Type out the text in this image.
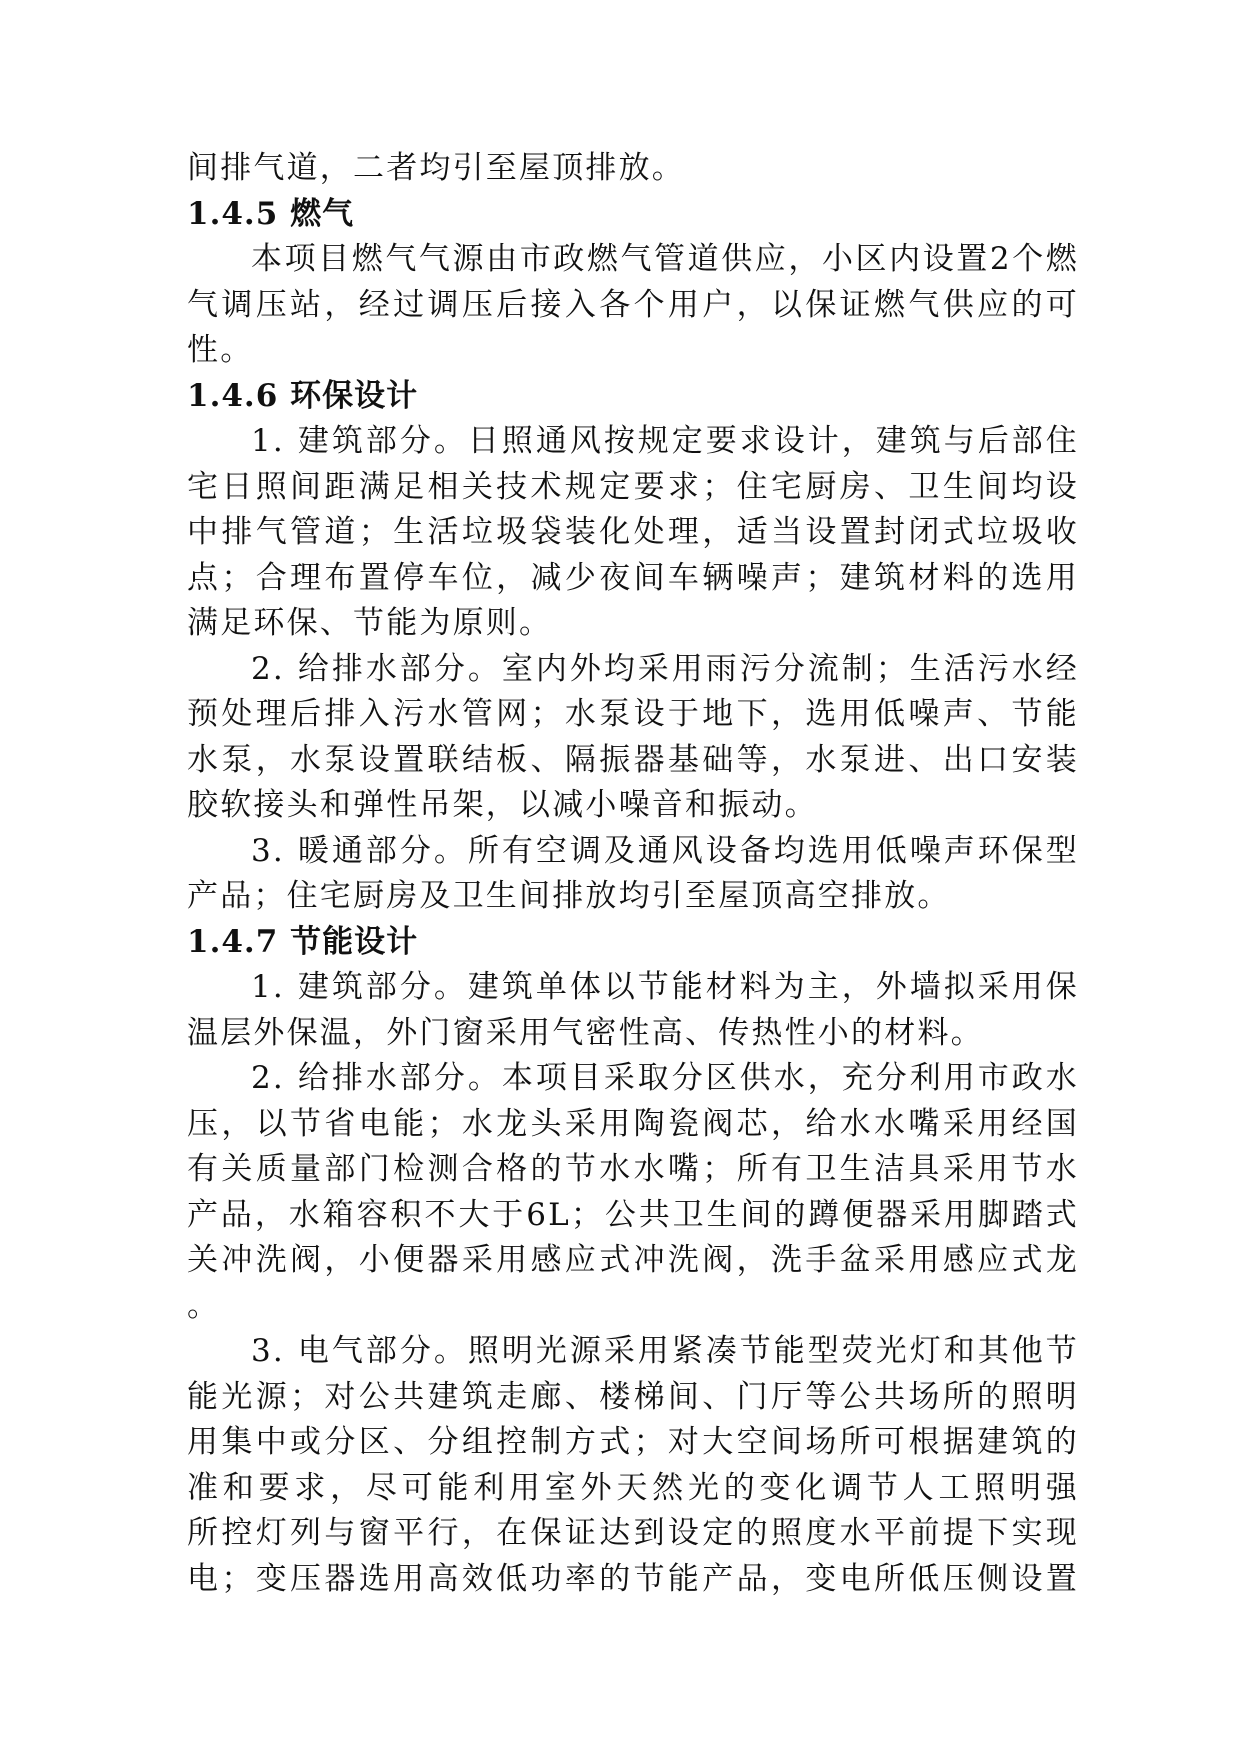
间排气道，二者均引至屋顶排放。
1.4.5 燃气
本项目燃气气源由市政燃气管道供应，小区内设置2个燃
气调压站，经过调压后接入各个用户，以保证燃气供应的可
性。
1.4.6 环保设计
1. 建筑部分。日照通风按规定要求设计，建筑与后部住
宅日照间距满足相关技术规定要求；住宅厨房、卫生间均设
中排气管道；生活垃圾袋装化处理，适当设置封闭式垃圾收
点；合理布置停车位，减少夜间车辆噪声；建筑材料的选用
满足环保、节能为原则。
2. 给排水部分。室内外均采用雨污分流制；生活污水经
预处理后排入污水管网；水泵设于地下，选用低噪声、节能
水泵，水泵设置联结板、隔振器基础等，水泵进、出口安装
胶软接头和弹性吊架，以减小噪音和振动。
3. 暖通部分。所有空调及通风设备均选用低噪声环保型
产品；住宅厨房及卫生间排放均引至屋顶高空排放。
1.4.7 节能设计
1. 建筑部分。建筑单体以节能材料为主，外墙拟采用保
温层外保温，外门窗采用气密性高、传热性小的材料。
2. 给排水部分。本项目采取分区供水，充分利用市政水
压，以节省电能；水龙头采用陶瓷阀芯，给水水嘴采用经国
有关质量部门检测合格的节水水嘴；所有卫生洁具采用节水
产品，水箱容积不大于6L；公共卫生间的蹲便器采用脚踏式
关冲洗阀，小便器采用感应式冲洗阀，洗手盆采用感应式龙
。
3. 电气部分。照明光源采用紧凑节能型荧光灯和其他节
能光源；对公共建筑走廊、楼梯间、门厅等公共场所的照明
用集中或分区、分组控制方式；对大空间场所可根据建筑的
准和要求，尽可能利用室外天然光的变化调节人工照明强
所控灯列与窗平行，在保证达到设定的照度水平前提下实现
电；变压器选用高效低功率的节能产品，变电所低压侧设置
